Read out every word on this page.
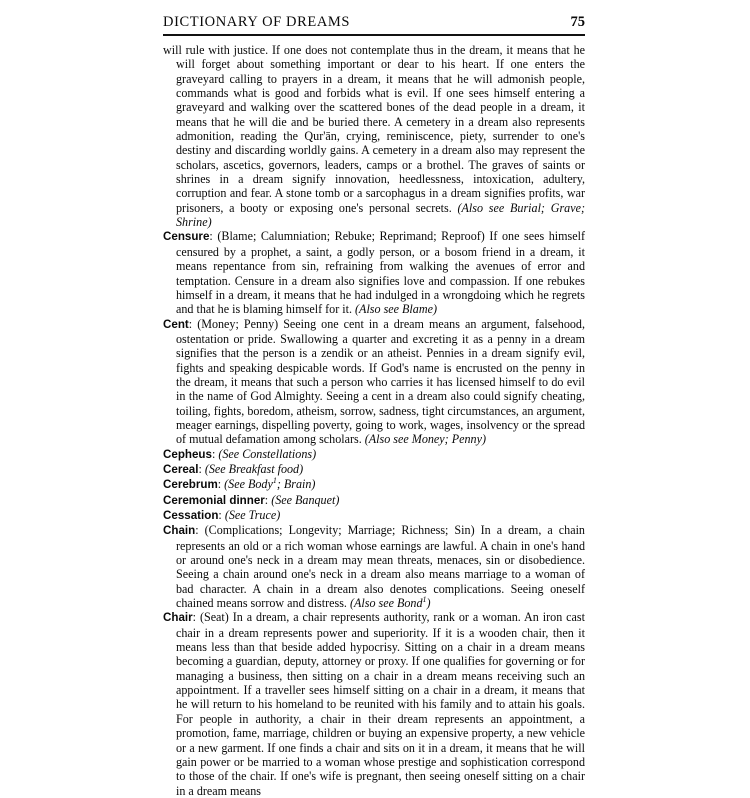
DICTIONARY OF DREAMS	75

will rule with justice. If one does not contemplate thus in the dream, it means that he will forget about something important or dear to his heart. If one enters the graveyard calling to prayers in a dream, it means that he will admonish people, commands what is good and forbids what is evil. If one sees himself entering a graveyard and walking over the scattered bones of the dead people in a dream, it means that he will die and be buried there. A cemetery in a dream also represents admonition, reading the Qur'ān, crying, reminiscence, piety, surrender to one's destiny and discarding worldly gains. A cemetery in a dream also may represent the scholars, ascetics, governors, leaders, camps or a brothel. The graves of saints or shrines in a dream signify innovation, heedlessness, intoxication, adultery, corruption and fear. A stone tomb or a sarcophagus in a dream signifies profits, war prisoners, a booty or exposing one's personal secrets. (Also see Burial; Grave; Shrine)

Censure: (Blame; Calumniation; Rebuke; Reprimand; Reproof) If one sees himself censured by a prophet, a saint, a godly person, or a bosom friend in a dream, it means repentance from sin, refraining from walking the avenues of error and temptation. Censure in a dream also signifies love and compassion. If one rebukes himself in a dream, it means that he had indulged in a wrongdoing which he regrets and that he is blaming himself for it. (Also see Blame)

Cent: (Money; Penny) Seeing one cent in a dream means an argument, falsehood, ostentation or pride. Swallowing a quarter and excreting it as a penny in a dream signifies that the person is a zendik or an atheist. Pennies in a dream signify evil, fights and speaking despicable words. If God's name is encrusted on the penny in the dream, it means that such a person who carries it has licensed himself to do evil in the name of God Almighty. Seeing a cent in a dream also could signify cheating, toiling, fights, boredom, atheism, sorrow, sadness, tight circumstances, an argument, meager earnings, dispelling poverty, going to work, wages, insolvency or the spread of mutual defamation among scholars. (Also see Money; Penny)

Cepheus: (See Constellations)

Cereal: (See Breakfast food)

Cerebrum: (See Body$^1$; Brain)

Ceremonial dinner: (See Banquet)

Cessation: (See Truce)

Chain: (Complications; Longevity; Marriage; Richness; Sin) In a dream, a chain represents an old or a rich woman whose earnings are lawful. A chain in one's hand or around one's neck in a dream may mean threats, menaces, sin or disobedience. Seeing a chain around one's neck in a dream also means marriage to a woman of bad character. A chain in a dream also denotes complications. Seeing oneself chained means sorrow and distress. (Also see Bond$^1$)

Chair: (Seat) In a dream, a chair represents authority, rank or a woman. An iron cast chair in a dream represents power and superiority. If it is a wooden chair, then it means less than that beside added hypocrisy. Sitting on a chair in a dream means becoming a guardian, deputy, attorney or proxy. If one qualifies for governing or for managing a business, then sitting on a chair in a dream means receiving such an appointment. If a traveller sees himself sitting on a chair in a dream, it means that he will return to his homeland to be reunited with his family and to attain his goals. For people in authority, a chair in their dream represents an appointment, a promotion, fame, marriage, children or buying an expensive property, a new vehicle or a new garment. If one finds a chair and sits on it in a dream, it means that he will gain power or be married to a woman whose prestige and sophistication correspond to those of the chair. If one's wife is pregnant, then seeing oneself sitting on a chair in a dream means
